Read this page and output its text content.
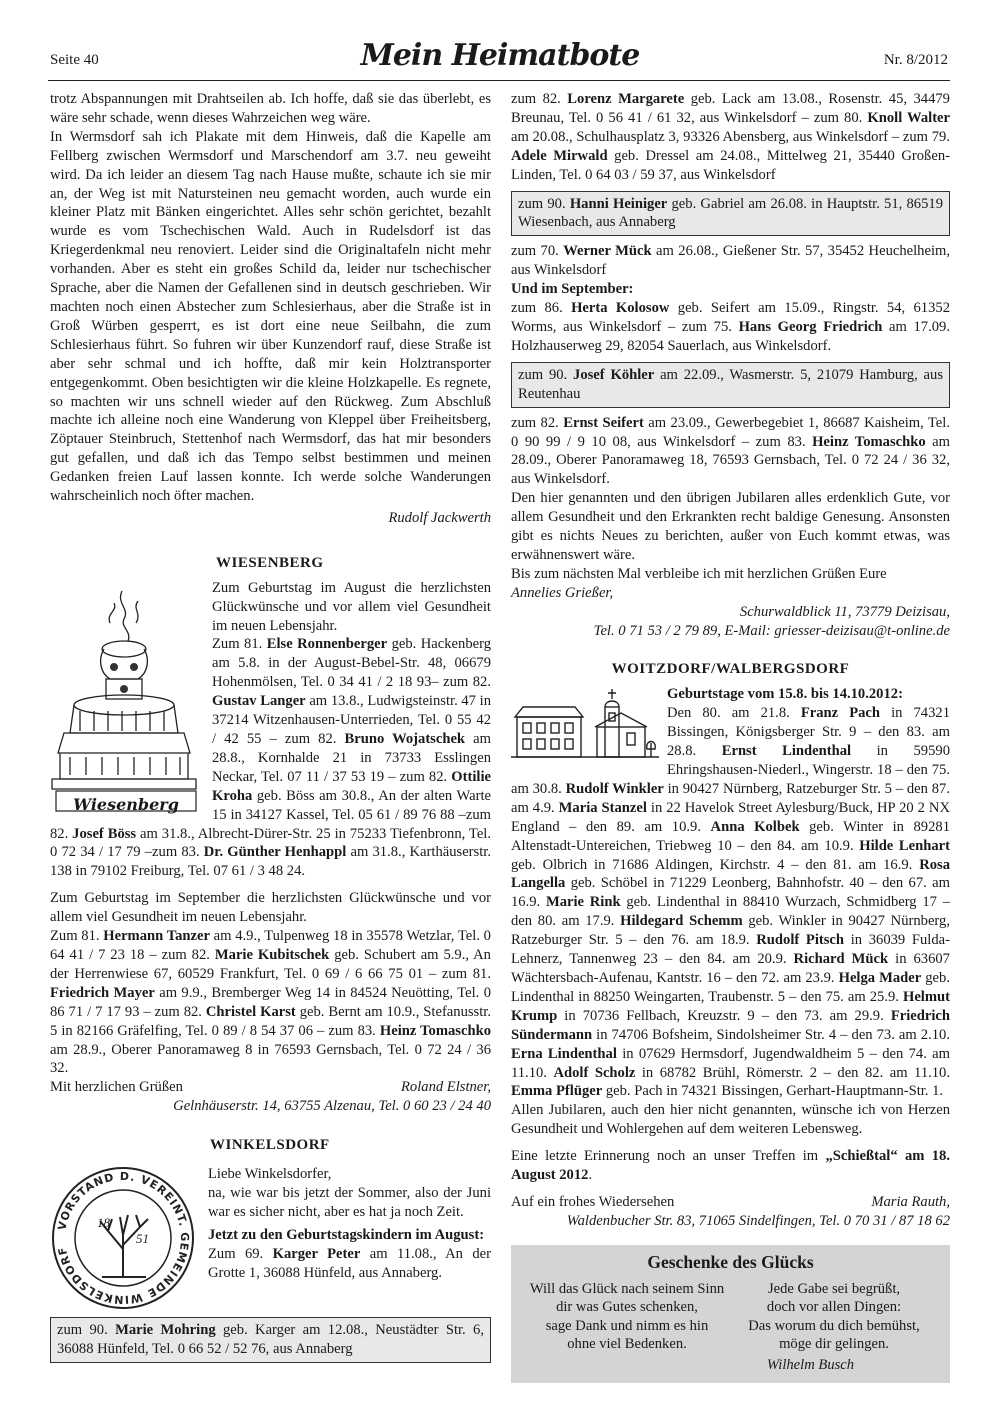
Seite 40	Mein Heimatbote	Nr. 8/2012

trotz Abspannungen mit Drahtseilen ab. Ich hoffe, daß sie das überlebt, es wäre sehr schade, wenn dieses Wahrzeichen weg wäre.

In Wermsdorf sah ich Plakate mit dem Hinweis, daß die Kapelle am Fellberg zwischen Wermsdorf und Marschendorf am 3.7. neu geweiht wird. Da ich leider an diesem Tag nach Hause mußte, schaute ich sie mir an, der Weg ist mit Natursteinen neu gemacht worden, auch wurde ein kleiner Platz mit Bänken eingerichtet. Alles sehr schön gerichtet, bezahlt wurde es vom Tschechischen Wald. Auch in Rudelsdorf ist das Kriegerdenkmal neu renoviert. Leider sind die Originaltafeln nicht mehr vorhanden. Aber es steht ein großes Schild da, leider nur tschechischer Sprache, aber die Namen der Gefallenen sind in deutsch geschrieben. Wir machten noch einen Abstecher zum Schlesierhaus, aber die Straße ist in Groß Würben gesperrt, es ist dort eine neue Seilbahn, die zum Schlesierhaus führt. So fuhren wir über Kunzendorf rauf, diese Straße ist aber sehr schmal und ich hoffte, daß mir kein Holztransporter entgegenkommt. Oben besichtigten wir die kleine Holzkapelle. Es regnete, so machten wir uns schnell wieder auf den Rückweg. Zum Abschluß machte ich alleine noch eine Wanderung von Kleppel über Freiheitsberg, Zöptauer Steinbruch, Stettenhof nach Wermsdorf, das hat mir besonders gut gefallen, und daß ich das Tempo selbst bestimmen und meinen Gedanken freien Lauf lassen konnte. Ich werde solche Wanderungen wahrscheinlich noch öfter machen.

Rudolf Jackwerth

WIESENBERG

Wiesenberg

Zum Geburtstag im August die herzlichsten Glückwünsche und vor allem viel Gesundheit im neuen Lebensjahr.

Zum 81. Else Ronnenberger geb. Hackenberg am 5.8. in der August-Bebel-Str. 48, 06679 Hohenmölsen, Tel. 0 34 41 / 2 18 93– zum 82. Gustav Langer am 13.8., Ludwigsteinstr. 47 in 37214 Witzenhausen-Unterrieden, Tel. 0 55 42 / 42 55 – zum 82. Bruno Wojatschek am 28.8., Kornhalde 21 in 73733 Esslingen Neckar, Tel. 07 11 / 37 53 19 – zum 82. Ottilie Kroha geb. Böss am 30.8., An der alten Warte 15 in 34127 Kassel, Tel. 05 61 / 89 76 88 –zum 82. Josef Böss am 31.8., Albrecht-Dürer-Str. 25 in 75233 Tiefenbronn, Tel. 0 72 34 / 17 79 –zum 83. Dr. Günther Henhappl am 31.8., Karthäuserstr. 138 in 79102 Freiburg, Tel. 07 61 / 3 48 24.

Zum Geburtstag im September die herzlichsten Glückwünsche und vor allem viel Gesundheit im neuen Lebensjahr.

Zum 81. Hermann Tanzer am 4.9., Tulpenweg 18 in 35578 Wetzlar, Tel. 0 64 41 / 7 23 18 – zum 82. Marie Kubitschek geb. Schubert am 5.9., An der Herrenwiese 67, 60529 Frankfurt, Tel. 0 69 / 6 66 75 01 – zum 81. Friedrich Mayer am 9.9., Bremberger Weg 14 in 84524 Neuötting, Tel. 0 86 71 / 7 17 93 – zum 82. Christel Karst geb. Bernt am 10.9., Stefanusstr. 5 in 82166 Gräfelfing, Tel. 0 89 / 8 54 37 06 – zum 83. Heinz Tomaschko am 28.9., Oberer Panoramaweg 8 in 76593 Gernsbach, Tel. 0 72 24 / 36 32.

Mit herzlichen Grüßen	Roland Elstner,

Gelnhäuserstr. 14, 63755 Alzenau, Tel. 0 60 23 / 24 40

WINKELSDORF

VORSTAND D. VEREINT. GEMEINDE WINKELSDORF
18
51

Liebe Winkelsdorfer,

na, wie war bis jetzt der Sommer, also der Juni war es sicher nicht, aber es hat ja noch Zeit.

Jetzt zu den Geburtstagskindern im August:

Zum 69. Karger Peter am 11.08., An der Grotte 1, 36088 Hünfeld, aus Annaberg.

zum 90. Marie Mohring geb. Karger am 12.08., Neustädter Str. 6, 36088 Hünfeld, Tel. 0 66 52 / 52 76, aus Annaberg

zum 82. Lorenz Margarete geb. Lack am 13.08., Rosenstr. 45, 34479 Breunau, Tel. 0 56 41 / 61 32, aus Winkelsdorf – zum 80. Knoll Walter am 20.08., Schulhausplatz 3, 93326 Abensberg, aus Winkelsdorf – zum 79. Adele Mirwald geb. Dressel am 24.08., Mittelweg 21, 35440 Großen-Linden, Tel. 0 64 03 / 59 37, aus Winkelsdorf

zum 90. Hanni Heiniger geb. Gabriel am 26.08. in Hauptstr. 51, 86519 Wiesenbach, aus Annaberg

zum 70. Werner Mück am 26.08., Gießener Str. 57, 35452 Heuchelheim, aus Winkelsdorf

Und im September:

zum 86. Herta Kolosow geb. Seifert am 15.09., Ringstr. 54, 61352 Worms, aus Winkelsdorf – zum 75. Hans Georg Friedrich am 17.09. Holzhauserweg 29, 82054 Sauerlach, aus Winkelsdorf.

zum 90. Josef Köhler am 22.09., Wasmerstr. 5, 21079 Hamburg, aus Reutenhau

zum 82. Ernst Seifert am 23.09., Gewerbegebiet 1, 86687 Kaisheim, Tel. 0 90 99 / 9 10 08, aus Winkelsdorf – zum 83. Heinz Tomaschko am 28.09., Oberer Panoramaweg 18, 76593 Gernsbach, Tel. 0 72 24 / 36 32, aus Winkelsdorf.

Den hier genannten und den übrigen Jubilaren alles erdenklich Gute, vor allem Gesundheit und den Erkrankten recht baldige Genesung. Ansonsten gibt es nichts Neues zu berichten, außer von Euch kommt etwas, was erwähnenswert wäre.

Bis zum nächsten Mal verbleibe ich mit herzlichen Grüßen Eure

Annelies Grießer,

Schurwaldblick 11, 73779 Deizisau,

Tel. 0 71 53 / 2 79 89, E-Mail: griesser-deizisau@t-online.de

WOITZDORF/WALBERGSDORF

Geburtstage vom 15.8. bis 14.10.2012:

Den 80. am 21.8. Franz Pach in 74321 Bissingen, Königsberger Str. 9 – den 83. am 28.8. Ernst Lindenthal in 59590 Ehringshausen-Niederl., Wingerstr. 18 – den 75. am 30.8. Rudolf Winkler in 90427 Nürnberg, Ratzeburger Str. 5 – den 87. am 4.9. Maria Stanzel in 22 Havelok Street Aylesburg/Buck, HP 20 2 NX England – den 89. am 10.9. Anna Kolbek geb. Winter in 89281 Altenstadt-Untereichen, Triebweg 10 – den 84. am 10.9. Hilde Lenhart geb. Olbrich in 71686 Aldingen, Kirchstr. 4 – den 81. am 16.9. Rosa Langella geb. Schöbel in 71229 Leonberg, Bahnhofstr. 40 – den 67. am 16.9. Marie Rink geb. Lindenthal in 88410 Wurzach, Schmidberg 17 – den 80. am 17.9. Hildegard Schemm geb. Winkler in 90427 Nürnberg, Ratzeburger Str. 5 – den 76. am 18.9. Rudolf Pitsch in 36039 Fulda-Lehnerz, Tannenweg 23 – den 84. am 20.9. Richard Mück in 63607 Wächtersbach-Aufenau, Kantstr. 16 – den 72. am 23.9. Helga Mader geb. Lindenthal in 88250 Weingarten, Traubenstr. 5 – den 75. am 25.9. Helmut Krump in 70736 Fellbach, Kreuzstr. 9 – den 73. am 29.9. Friedrich Sündermann in 74706 Bofsheim, Sindolsheimer Str. 4 – den 73. am 2.10. Erna Lindenthal in 07629 Hermsdorf, Jugendwaldheim 5 – den 74. am 11.10. Adolf Scholz in 68782 Brühl, Römerstr. 2 – den 82. am 11.10. Emma Pflüger geb. Pach in 74321 Bissingen, Gerhart-Hauptmann-Str. 1.

Allen Jubilaren, auch den hier nicht genannten, wünsche ich von Herzen Gesundheit und Wohlergehen auf dem weiteren Lebensweg.

Eine letzte Erinnerung noch an unser Treffen im „Schießtal“ am 18. August 2012.

Auf ein frohes Wiedersehen	Maria Rauth,

Waldenbucher Str. 83, 71065 Sindelfingen, Tel. 0 70 31 / 87 18 62

Geschenke des Glücks

Will das Glück nach seinem Sinn
dir was Gutes schenken,
sage Dank und nimm es hin
ohne viel Bedenken.
Jede Gabe sei begrüßt,
doch vor allen Dingen:
Das worum du dich bemühst,
möge dir gelingen.
Wilhelm Busch
